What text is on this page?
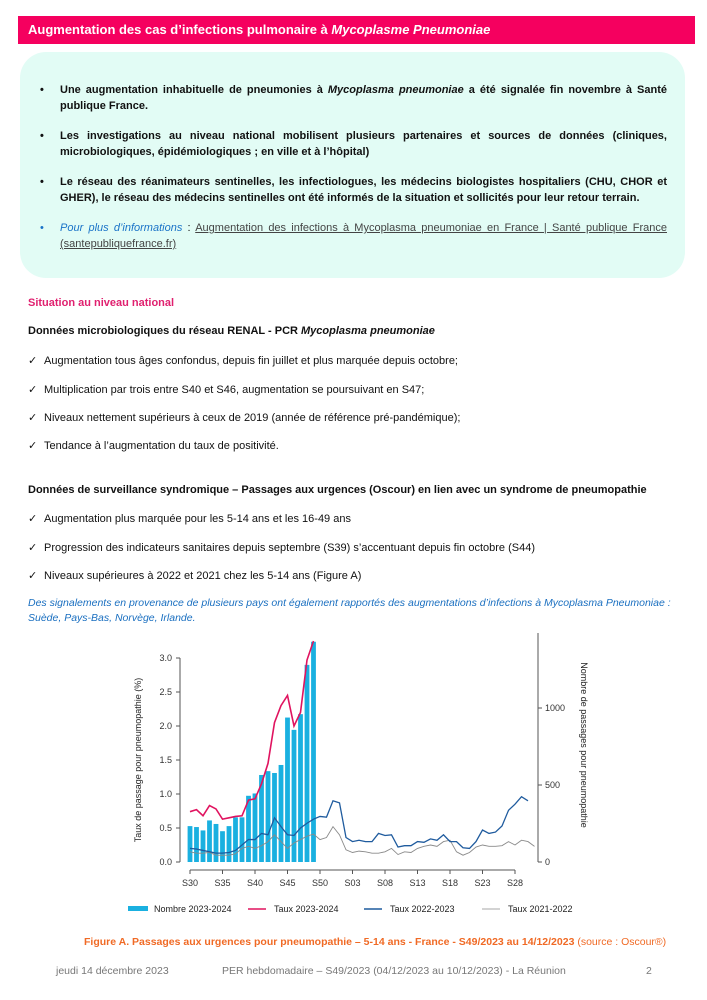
Augmentation des cas d’infections pulmonaire à Mycoplasme Pneumoniae
• Une augmentation inhabituelle de pneumonies à Mycoplasma pneumoniae a été signalée fin novembre à Santé publique France.
• Les investigations au niveau national mobilisent plusieurs partenaires et sources de données (cliniques, microbiologiques, épidémiologiques ; en ville et à l’hôpital)
• Le réseau des réanimateurs sentinelles, les infectiologues, les médecins biologistes hospitaliers (CHU, CHOR et GHER), le réseau des médecins sentinelles ont été informés de la situation et sollicités pour leur retour terrain.
• Pour plus d’informations : Augmentation des infections à Mycoplasma pneumoniae en France | Santé publique France (santepubliquefrance.fr)
Situation au niveau national
Données microbiologiques du réseau RENAL - PCR Mycoplasma pneumoniae
✓ Augmentation tous âges confondus, depuis fin juillet et plus marquée depuis octobre;
✓ Multiplication par trois entre S40 et S46, augmentation se poursuivant en S47;
✓ Niveaux nettement supérieurs à ceux de 2019 (année de référence pré-pandémique);
✓ Tendance à l’augmentation du taux de positivité.
Données de surveillance syndromique – Passages aux urgences (Oscour) en lien avec un syndrome de pneumopathie
✓ Augmentation plus marquée pour les 5-14 ans et les 16-49 ans
✓ Progression des indicateurs sanitaires depuis septembre (S39) s’accentuant depuis fin octobre (S44)
✓ Niveaux supérieures à 2022 et 2021 chez les 5-14 ans (Figure A)
Des signalements en provenance de plusieurs pays ont également rapportés des augmentations d’infections à Mycoplasma Pneumoniae : Suède, Pays-Bas, Norvège, Irlande.
0.0
0.5
1.0
1.5
2.0
2.5
3.0
0
500
1000
S30 S35 S40 S45 S50 S03 S08 S13 S18 S23 S28
Taux de passage pour pneumopathie (%)	Nombre de passages pour pneumopathie
Nombre 2023-2024	Taux 2023-2024	Taux 2022-2023	Taux 2021-2022
Figure A. Passages aux urgences pour pneumopathie – 5-14 ans - France - S49/2023 au 14/12/2023 (source : Oscour®)
jeudi 14 décembre 2023	PER hebdomadaire – S49/2023 (04/12/2023 au 10/12/2023) - La Réunion	2
